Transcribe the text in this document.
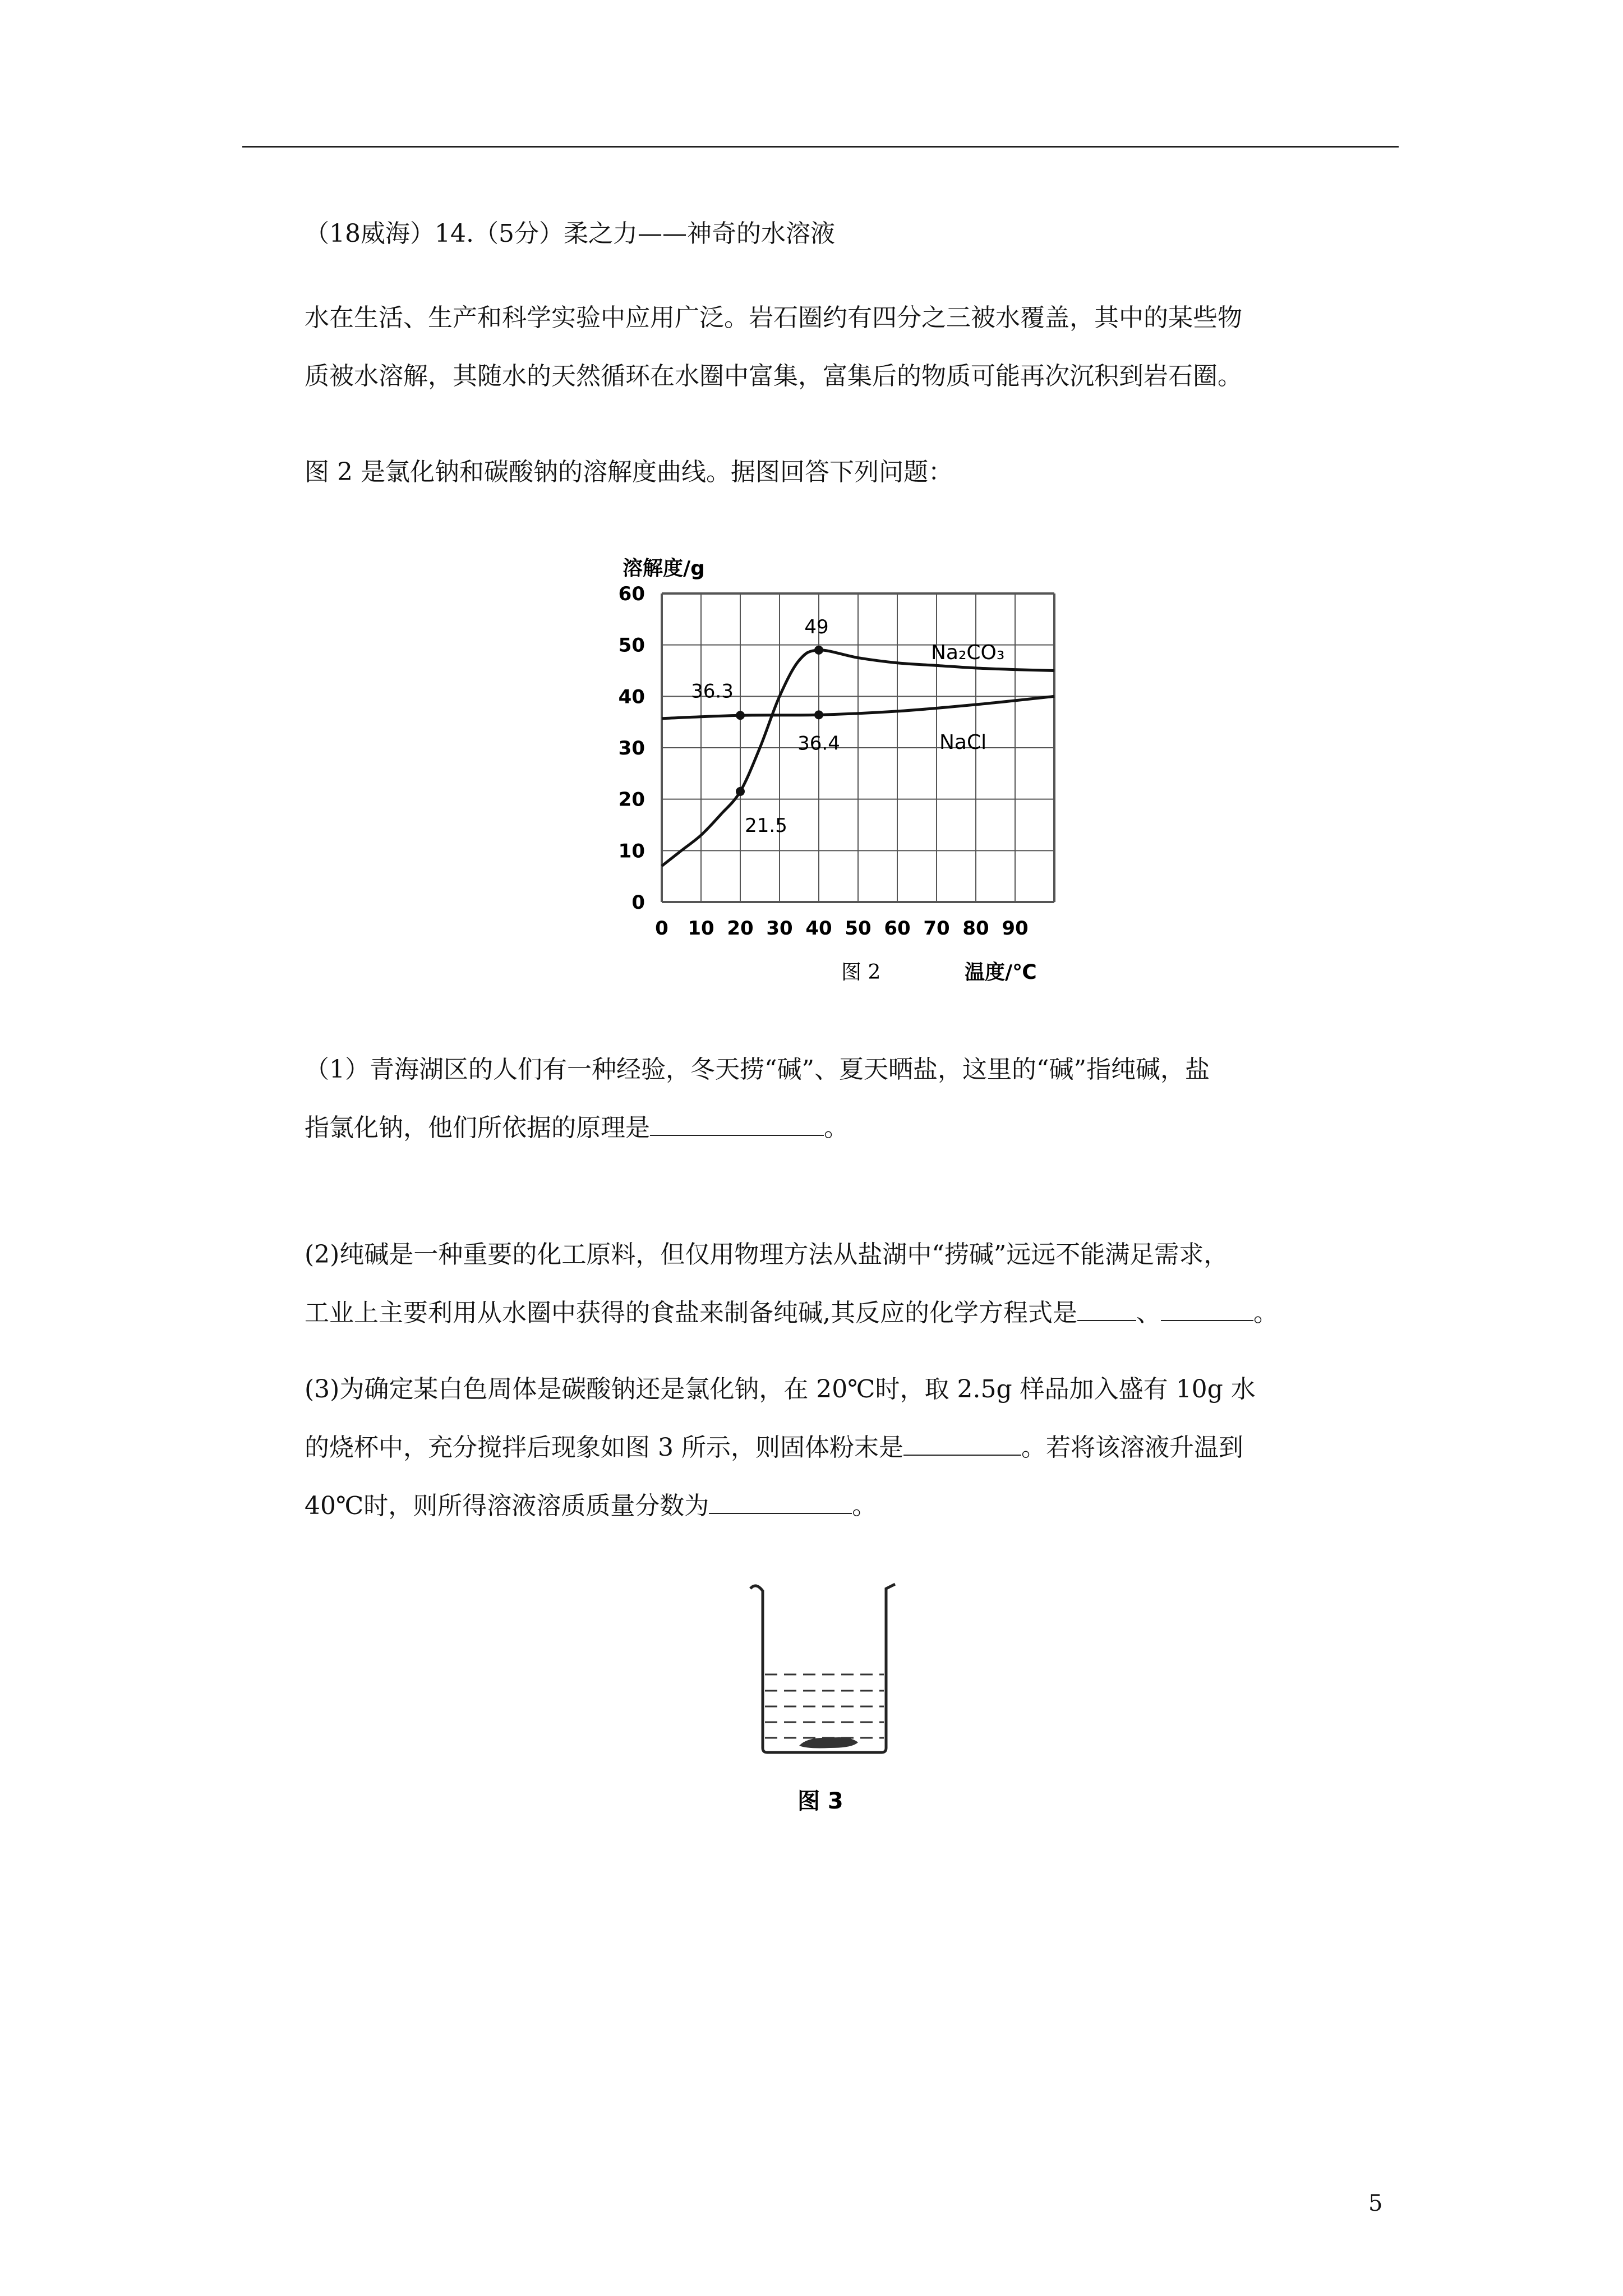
（18威海）14.（5分）柔之力——神奇的水溶液

水在生活、生产和科学实验中应用广泛。岩石圈约有四分之三被水覆盖，其中的某些物
质被水溶解，其随水的天然循环在水圈中富集，富集后的物质可能再次沉积到岩石圈。

图 2 是氯化钠和碳酸钠的溶解度曲线。据图回答下列问题：

0 10 20 30 40 50 60 70 80 90
0
10
20
30
40
50
60
49
36.3
36.4
21.5
溶解度/g
温度/℃
图 2
Na₂CO₃
NaCl

（1）青海湖区的人们有一种经验，冬天捞“碱”、夏天晒盐，这里的“碱”指纯碱，盐
指氯化钠，他们所依据的原理是	。

(2)纯碱是一种重要的化工原料，但仅用物理方法从盐湖中“捞碱”远远不能满足需求，
工业上主要利用从水圈中获得的食盐来制备纯碱,其反应的化学方程式是 、	。

(3)为确定某白色周体是碳酸钠还是氯化钠，在 20℃时，取 2.5g 样品加入盛有 10g 水
的烧杯中，充分搅拌后现象如图 3 所示，则固体粉末是	。若将该溶液升温到
40℃时，则所得溶液溶质质量分数为	。

图 3
5
